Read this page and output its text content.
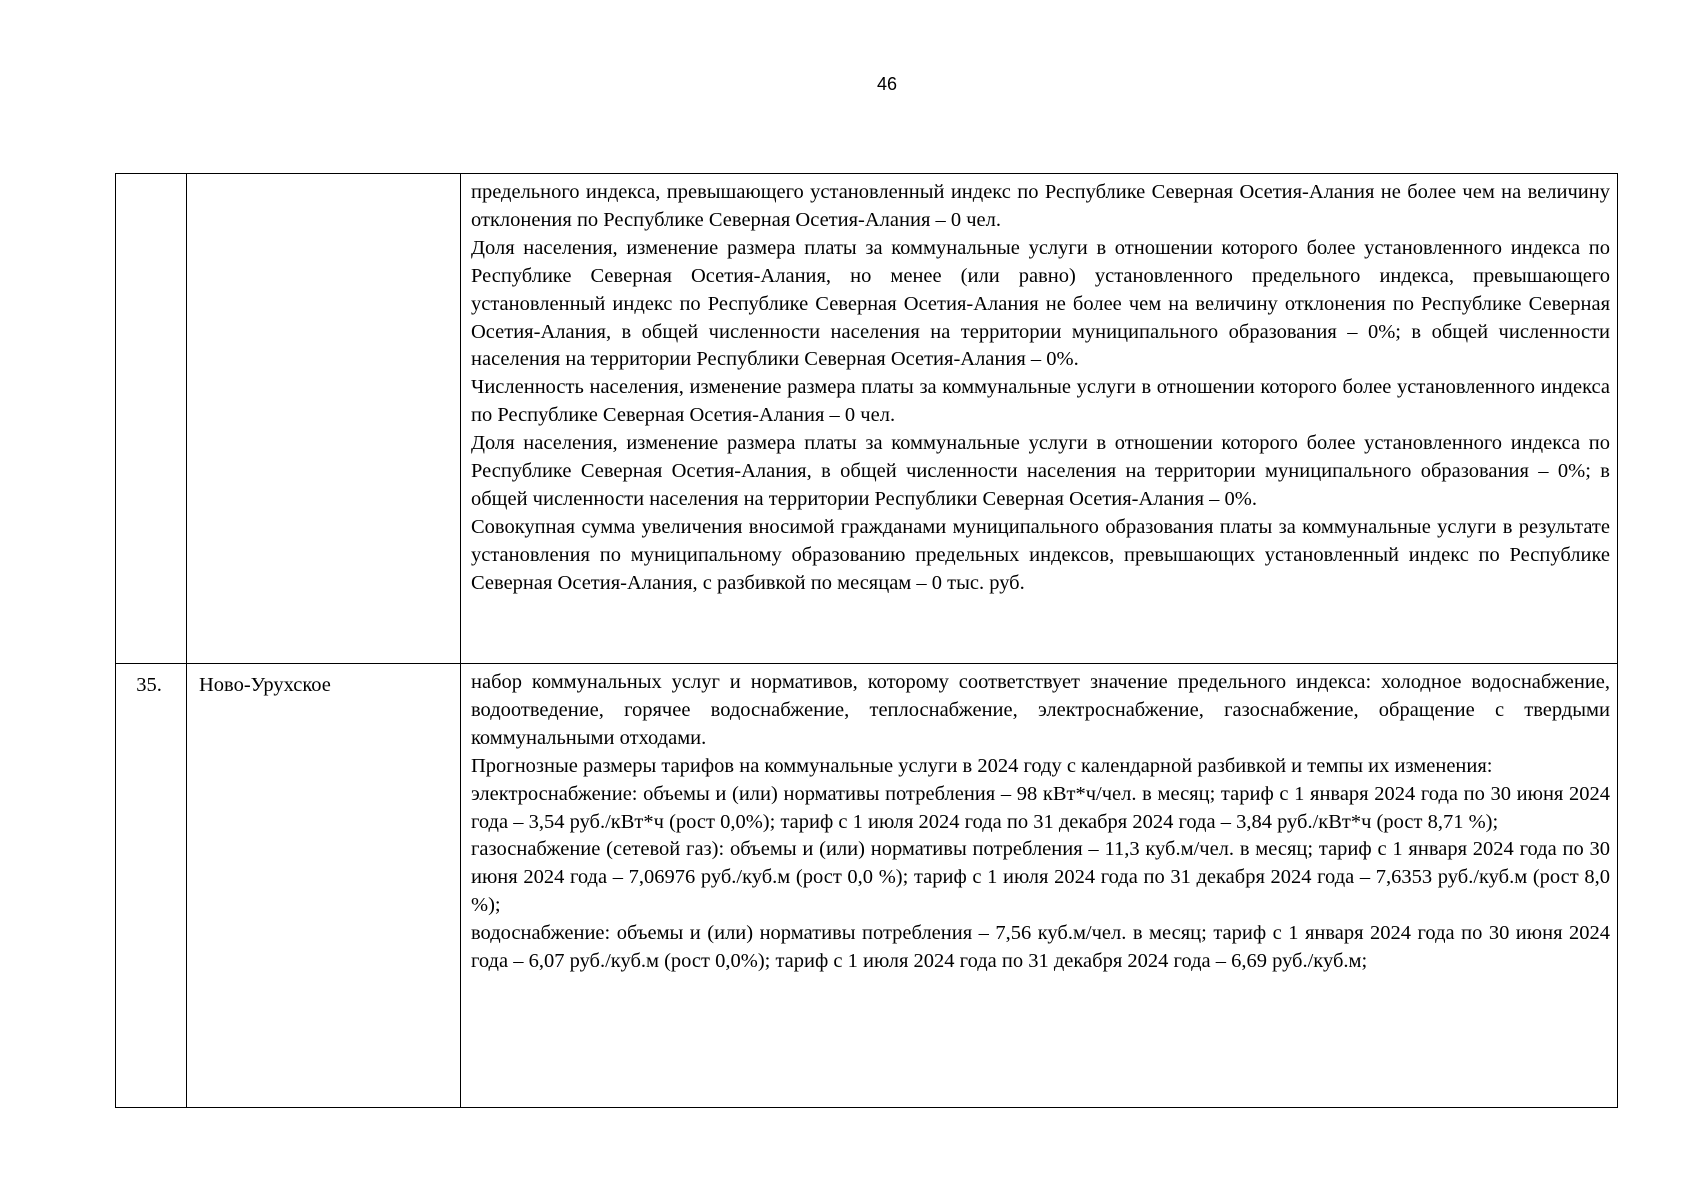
46

		предельного индекса, превышающего установленный индекс по Республике Северная Осетия-Алания не более чем на величину отклонения по Республике Северная Осетия-Алания – 0 чел.
Доля населения, изменение размера платы за коммунальные услуги в отношении которого более установленного индекса по Республике Северная Осетия-Алания, но менее (или равно) установленного предельного индекса, превышающего установленный индекс по Республике Северная Осетия-Алания не более чем на величину отклонения по Республике Северная Осетия-Алания, в общей численности населения на территории муниципального образования – 0%; в общей численности населения на территории Республики Северная Осетия-Алания – 0%.
Численность населения, изменение размера платы за коммунальные услуги в отношении которого более установленного индекса по Республике Северная Осетия-Алания – 0 чел.
Доля населения, изменение размера платы за коммунальные услуги в отношении которого более установленного индекса по Республике Северная Осетия-Алания, в общей численности населения на территории муниципального образования – 0%; в общей численности населения на территории Республики Северная Осетия-Алания – 0%.
Совокупная сумма увеличения вносимой гражданами муниципального образования платы за коммунальные услуги в результате установления по муниципальному образованию предельных индексов, превышающих установленный индекс по Республике Северная Осетия-Алания, с разбивкой по месяцам – 0 тыс. руб.

35.	Ново-Урухское	набор коммунальных услуг и нормативов, которому соответствует значение предельного индекса: холодное водоснабжение, водоотведение, горячее водоснабжение, теплоснабжение, электроснабжение, газоснабжение, обращение с твердыми коммунальными отходами.
Прогнозные размеры тарифов на коммунальные услуги в 2024 году с календарной разбивкой и темпы их изменения:
электроснабжение: объемы и (или) нормативы потребления – 98 кВт*ч/чел. в месяц; тариф с 1 января 2024 года по 30 июня 2024 года – 3,54 руб./кВт*ч (рост 0,0%); тариф с 1 июля 2024 года по 31 декабря 2024 года – 3,84 руб./кВт*ч (рост 8,71 %);
газоснабжение (сетевой газ): объемы и (или) нормативы потребления – 11,3 куб.м/чел. в месяц; тариф с 1 января 2024 года по 30 июня 2024 года – 7,06976 руб./куб.м (рост 0,0 %); тариф с 1 июля 2024 года по 31 декабря 2024 года – 7,6353 руб./куб.м (рост 8,0 %);
водоснабжение: объемы и (или) нормативы потребления – 7,56 куб.м/чел. в месяц; тариф с 1 января 2024 года по 30 июня 2024 года – 6,07 руб./куб.м (рост 0,0%); тариф с 1 июля 2024 года по 31 декабря 2024 года – 6,69 руб./куб.м;
